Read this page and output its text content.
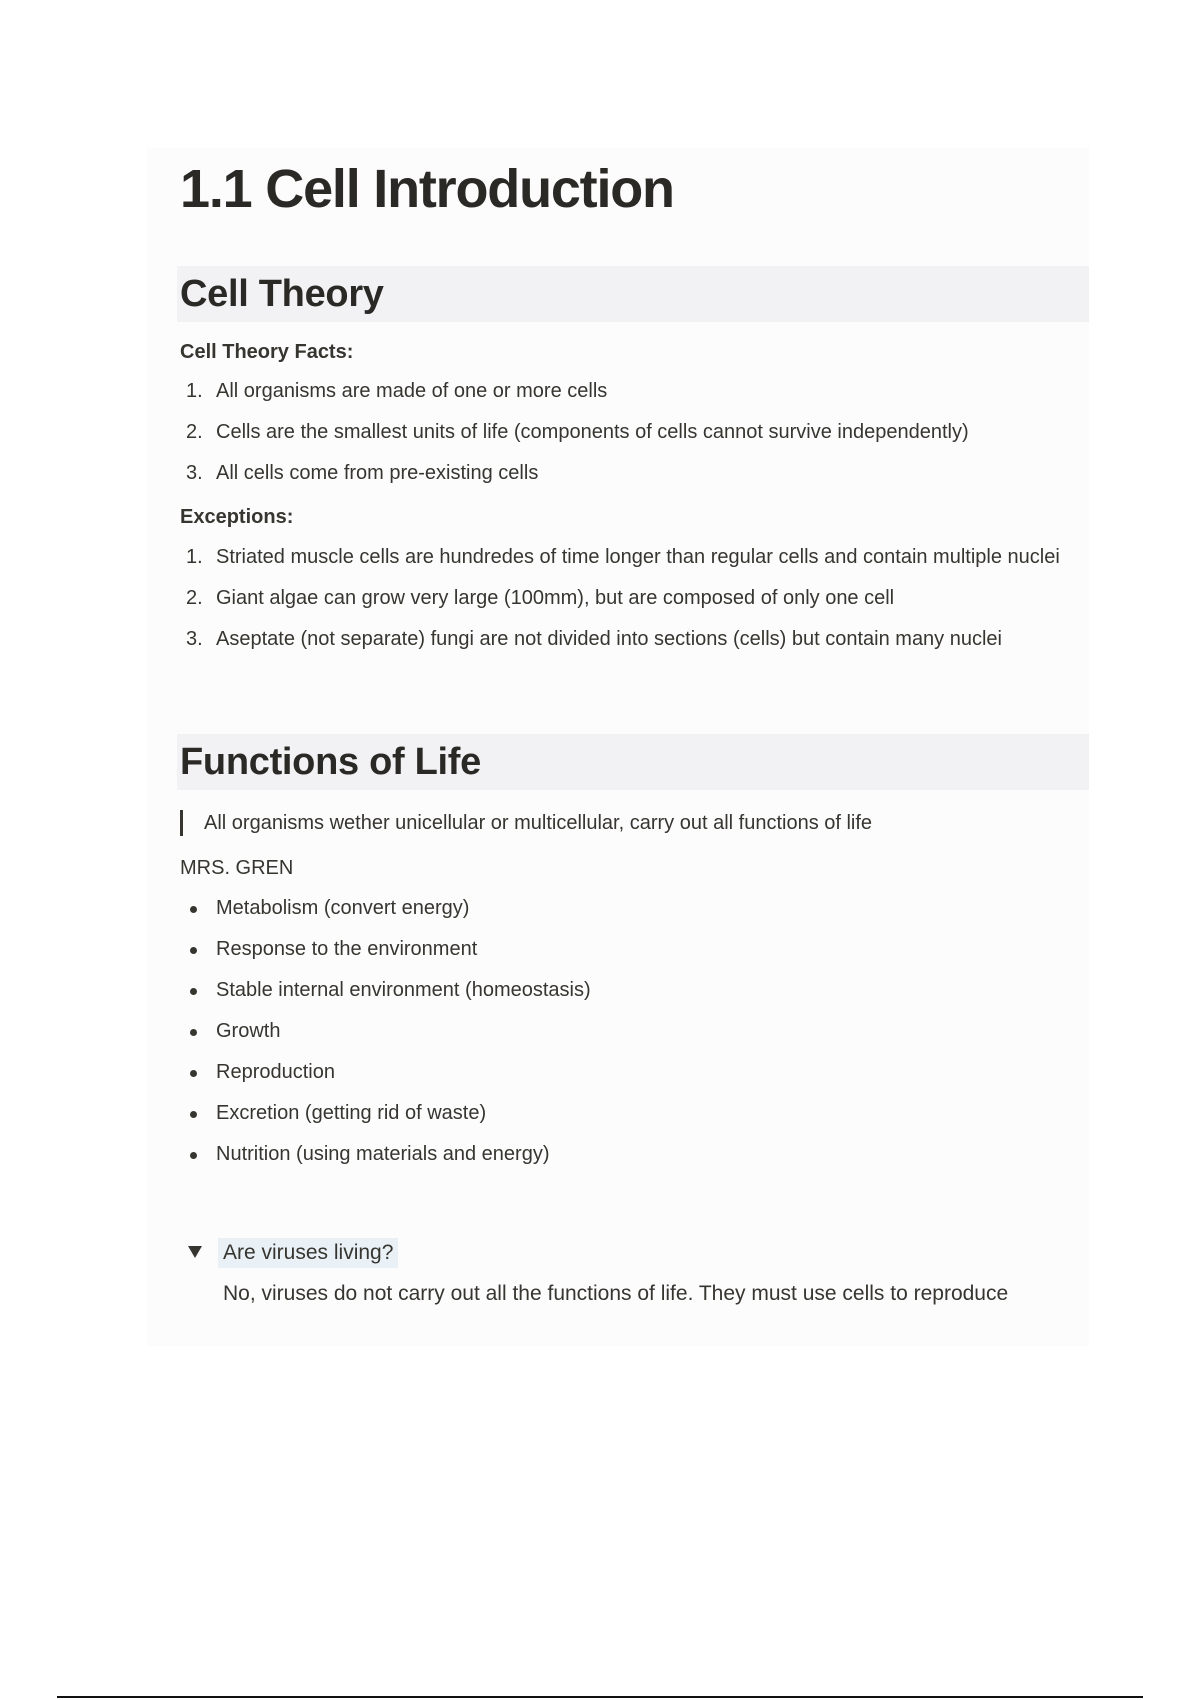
1.1 Cell Introduction
Cell Theory
Cell Theory Facts:
1. All organisms are made of one or more cells
2. Cells are the smallest units of life (components of cells cannot survive independently)
3. All cells come from pre-existing cells
Exceptions:
1. Striated muscle cells are hundredes of time longer than regular cells and contain multiple nuclei
2. Giant algae can grow very large (100mm), but are composed of only one cell
3. Aseptate (not separate) fungi are not divided into sections (cells) but contain many nuclei
Functions of Life
All organisms wether unicellular or multicellular, carry out all functions of life
MRS. GREN
Metabolism (convert energy)
Response to the environment
Stable internal environment (homeostasis)
Growth
Reproduction
Excretion (getting rid of waste)
Nutrition (using materials and energy)
Are viruses living?
No, viruses do not carry out all the functions of life. They must use cells to reproduce
